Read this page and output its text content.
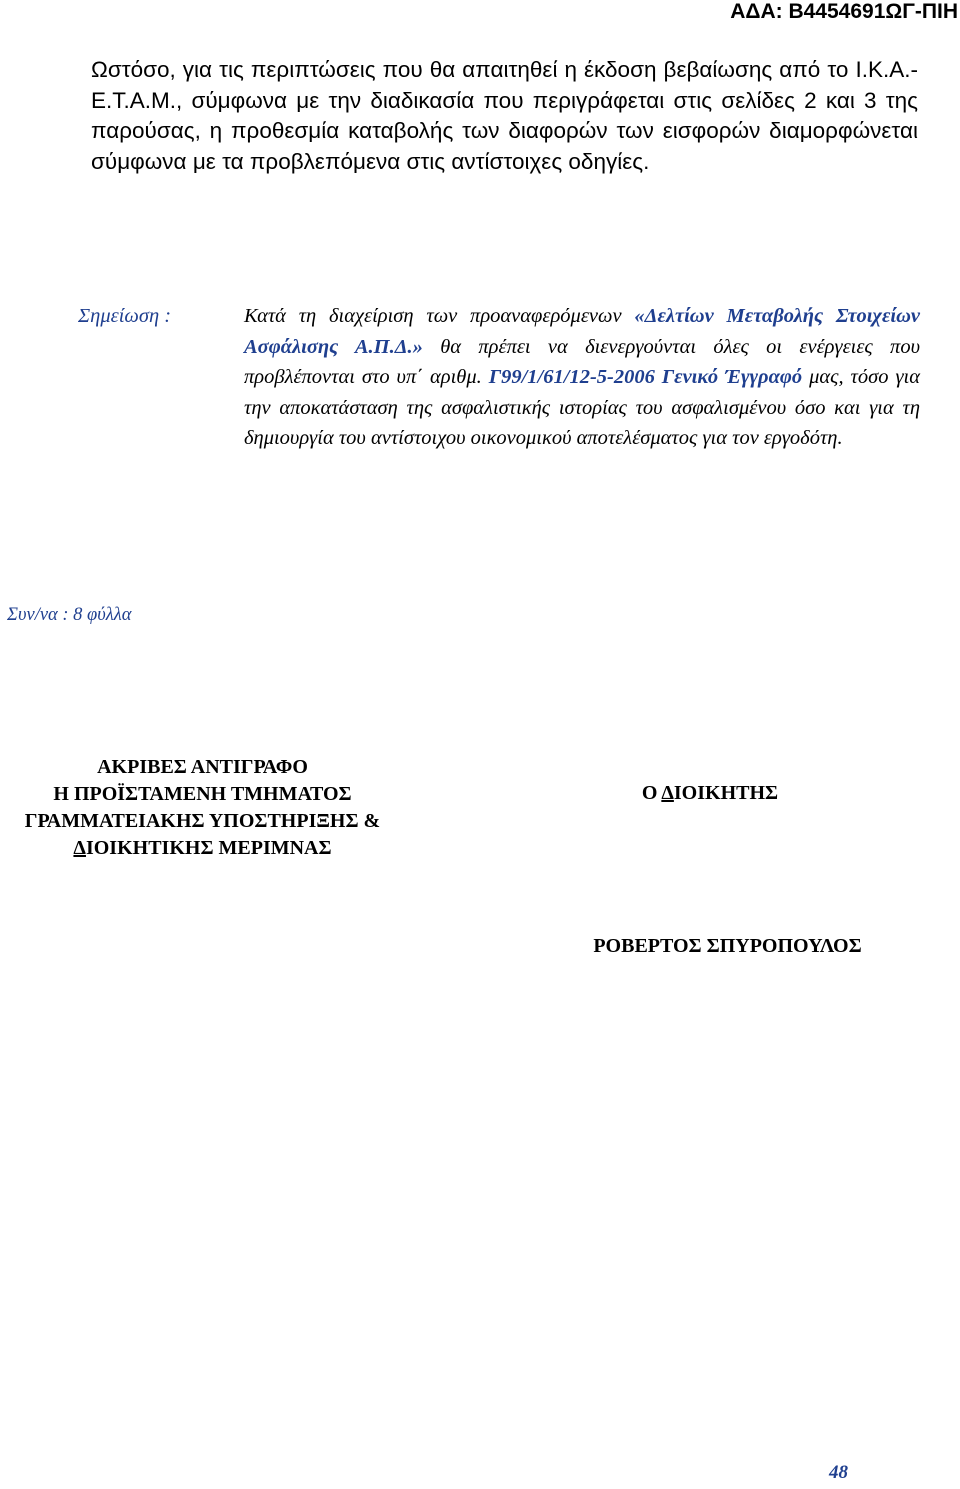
ΑΔΑ: Β4454691ΩΓ-ΠΙΗ

Ωστόσο, για τις περιπτώσεις που θα απαιτηθεί η έκδοση βεβαίωσης από το Ι.Κ.Α.- Ε.Τ.Α.Μ., σύμφωνα με την διαδικασία που περιγράφεται στις σελίδες 2 και 3 της παρούσας, η προθεσμία καταβολής των διαφορών των εισφορών διαμορφώνεται σύμφωνα με τα προβλεπόμενα στις αντίστοιχες οδηγίες.

Σημείωση :	Κατά τη διαχείριση των προαναφερόμενων «Δελτίων Μεταβολής Στοιχείων Ασφάλισης Α.Π.Δ.» θα πρέπει να διενεργούνται όλες οι ενέργειες που προβλέπονται στο υπ΄ αριθμ. Γ99/1/61/12-5-2006 Γενικό Έγγραφό μας, τόσο για την αποκατάσταση της ασφαλιστικής ιστορίας του ασφαλισμένου όσο και για τη δημιουργία του αντίστοιχου οικονομικού αποτελέσματος για τον εργοδότη.
Συν/να : 8 φύλλα
ΑΚΡΙΒΕΣ ΑΝΤΙΓΡΑΦΟ
Η ΠΡΟΪΣΤΑΜΕΝΗ ΤΜΗΜΑΤΟΣ
ΓΡΑΜΜΑΤΕΙΑΚΗΣ ΥΠΟΣΤΗΡΙΞΗΣ &
ΔΙΟΙΚΗΤΙΚΗΣ ΜΕΡΙΜΝΑΣ
Ο ΔΙΟΙΚΗΤΗΣ
ΡΟΒΕΡΤΟΣ ΣΠΥΡΟΠΟΥΛΟΣ
48
